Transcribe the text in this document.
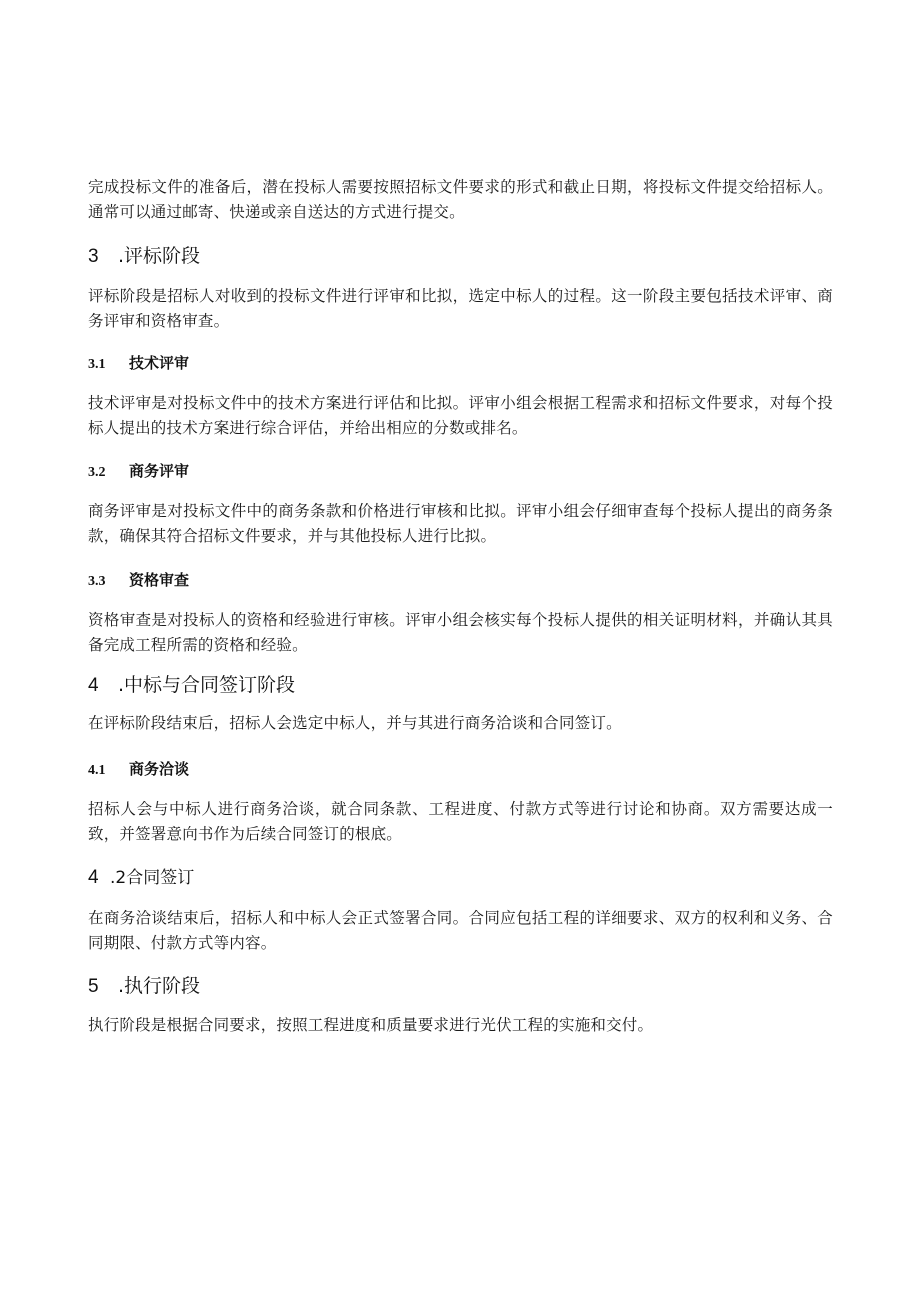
完成投标文件的准备后，潜在投标人需要按照招标文件要求的形式和截止日期，将投标文件提交给招标人。通常可以通过邮寄、快递或亲自送达的方式进行提交。

3 .评标阶段

评标阶段是招标人对收到的投标文件进行评审和比拟，选定中标人的过程。这一阶段主要包括技术评审、商务评审和资格审查。

3.1 技术评审

技术评审是对投标文件中的技术方案进行评估和比拟。评审小组会根据工程需求和招标文件要求，对每个投标人提出的技术方案进行综合评估，并给出相应的分数或排名。

3.2 商务评审

商务评审是对投标文件中的商务条款和价格进行审核和比拟。评审小组会仔细审查每个投标人提出的商务条款，确保其符合招标文件要求，并与其他投标人进行比拟。

3.3 资格审查

资格审查是对投标人的资格和经验进行审核。评审小组会核实每个投标人提供的相关证明材料，并确认其具备完成工程所需的资格和经验。

4 .中标与合同签订阶段

在评标阶段结束后，招标人会选定中标人，并与其进行商务洽谈和合同签订。

4.1 商务洽谈

招标人会与中标人进行商务洽谈，就合同条款、工程进度、付款方式等进行讨论和协商。双方需要达成一致，并签署意向书作为后续合同签订的根底。

4 .2合同签订

在商务洽谈结束后，招标人和中标人会正式签署合同。合同应包括工程的详细要求、双方的权利和义务、合同期限、付款方式等内容。

5 .执行阶段

执行阶段是根据合同要求，按照工程进度和质量要求进行光伏工程的实施和交付。
